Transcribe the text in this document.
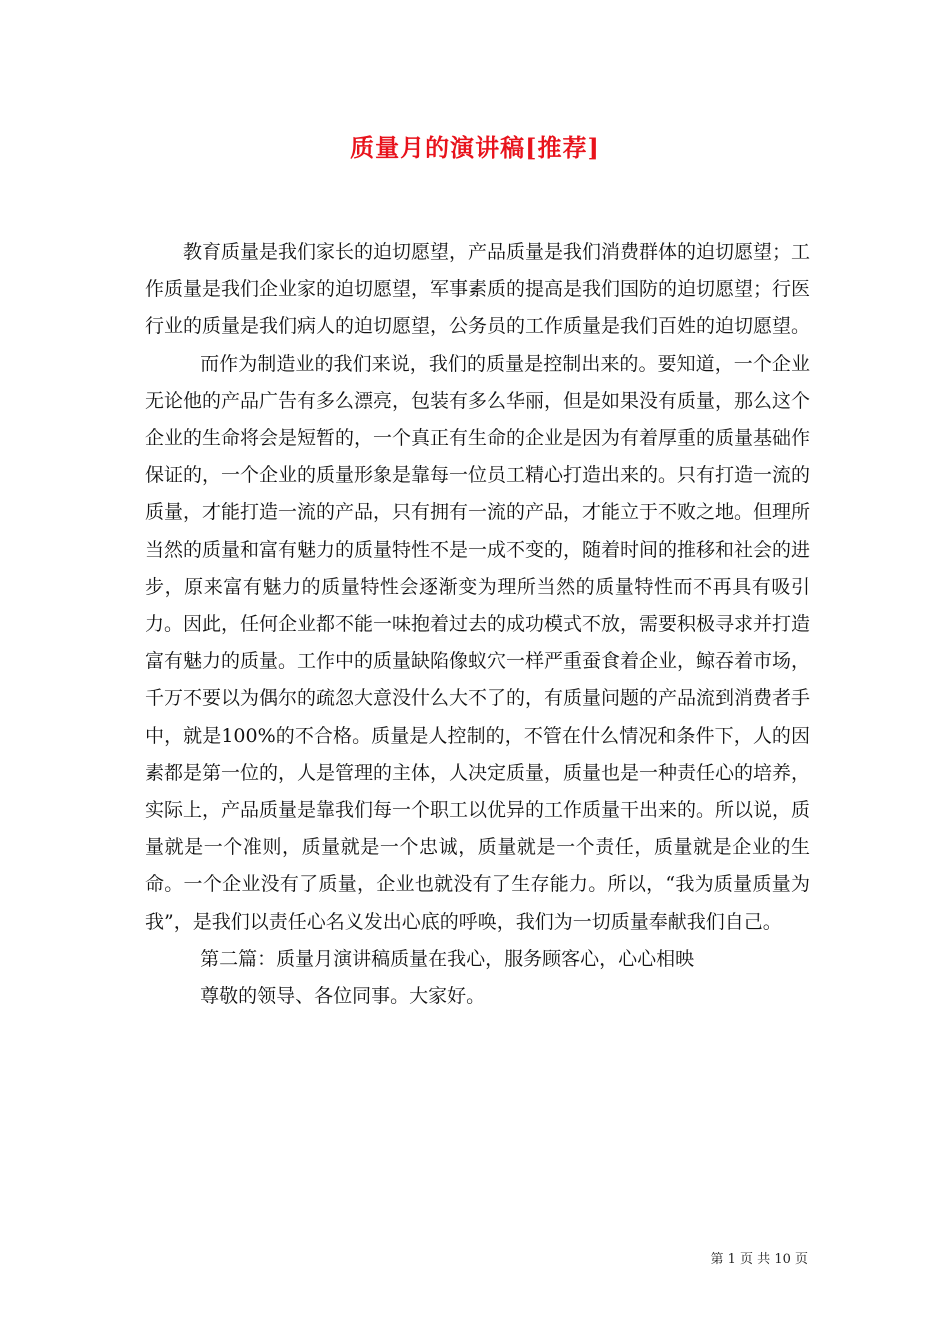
质量月的演讲稿[推荐]

教育质量是我们家长的迫切愿望，产品质量是我们消费群体的迫切愿望；工作质量是我们企业家的迫切愿望，军事素质的提高是我们国防的迫切愿望；行医行业的质量是我们病人的迫切愿望，公务员的工作质量是我们百姓的迫切愿望。

而作为制造业的我们来说，我们的质量是控制出来的。要知道，一个企业无论他的产品广告有多么漂亮，包装有多么华丽，但是如果没有质量，那么这个企业的生命将会是短暂的，一个真正有生命的企业是因为有着厚重的质量基础作保证的，一个企业的质量形象是靠每一位员工精心打造出来的。只有打造一流的质量，才能打造一流的产品，只有拥有一流的产品，才能立于不败之地。但理所当然的质量和富有魅力的质量特性不是一成不变的，随着时间的推移和社会的进步，原来富有魅力的质量特性会逐渐变为理所当然的质量特性而不再具有吸引力。因此，任何企业都不能一味抱着过去的成功模式不放，需要积极寻求并打造富有魅力的质量。工作中的质量缺陷像蚁穴一样严重蚕食着企业，鲸吞着市场，千万不要以为偶尔的疏忽大意没什么大不了的，有质量问题的产品流到消费者手中，就是100%的不合格。质量是人控制的，不管在什么情况和条件下，人的因素都是第一位的，人是管理的主体，人决定质量，质量也是一种责任心的培养，实际上，产品质量是靠我们每一个职工以优异的工作质量干出来的。所以说，质量就是一个准则，质量就是一个忠诚，质量就是一个责任，质量就是企业的生命。一个企业没有了质量，企业也就没有了生存能力。所以，“我为质量质量为我”，是我们以责任心名义发出心底的呼唤，我们为一切质量奉献我们自己。

第二篇：质量月演讲稿质量在我心，服务顾客心，心心相映

尊敬的领导、各位同事。大家好。

第 1 页 共 10 页
